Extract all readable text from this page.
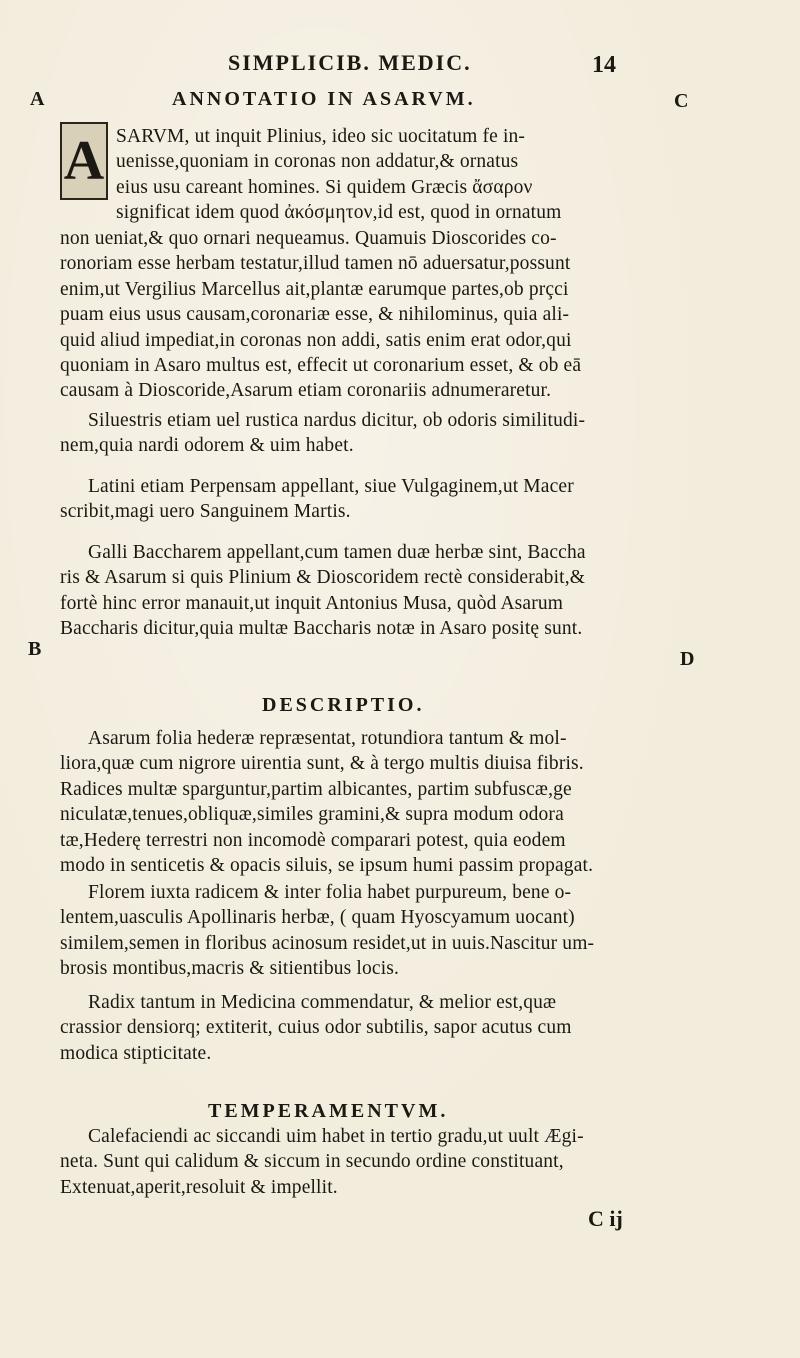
SIMPLICIB. MEDIC.	14
A	C
B	D
ANNOTATIO IN ASARVM.
A SARVM, ut inquit Plinius, ideo sic uocitatum fe in-
uenisse,quoniam in coronas non addatur,& ornatus
eius usu careant homines. Si quidem Græcis ἄσαρον
significat idem quod ἀκόσμητον,id est, quod in ornatum
non ueniat,& quo ornari nequeamus. Quamuis Dioscorides co-
ronoriam esse herbam testatur,illud tamen nō aduersatur,possunt
enim,ut Vergilius Marcellus ait,plantæ earumque partes,ob prçci
puam eius usus causam,coronariæ esse, & nihilominus, quia ali-
quid aliud impediat,in coronas non addi, satis enim erat odor,qui
quoniam in Asaro multus est, effecit ut coronarium esset, & ob eā
causam à Dioscoride,Asarum etiam coronariis adnumeraretur.
Siluestris etiam uel rustica nardus dicitur, ob odoris similitudi-
nem,quia nardi odorem & uim habet.
Latini etiam Perpensam appellant, siue Vulgaginem,ut Macer
scribit,magi uero Sanguinem Martis.
Galli Baccharem appellant,cum tamen duæ herbæ sint, Baccha
ris & Asarum si quis Plinium & Dioscoridem rectè considerabit,&
fortè hinc error manauit,ut inquit Antonius Musa, quòd Asarum
Baccharis dicitur,quia multæ Baccharis notæ in Asaro positę sunt.
DESCRIPTIO.
Asarum folia hederæ repræsentat, rotundiora tantum & mol-
liora,quæ cum nigrore uirentia sunt, & à tergo multis diuisa fibris.
Radices multæ sparguntur,partim albicantes, partim subfuscæ,ge
niculatæ,tenues,obliquæ,similes gramini,& supra modum odora
tæ,Hederę terrestri non incomodè comparari potest, quia eodem
modo in senticetis & opacis siluis, se ipsum humi passim propagat.
Florem iuxta radicem & inter folia habet purpureum, bene o-
lentem,uasculis Apollinaris herbæ, ( quam Hyoscyamum uocant)
similem,semen in floribus acinosum residet,ut in uuis.Nascitur um-
brosis montibus,macris & sitientibus locis.
Radix tantum in Medicina commendatur, & melior est,quæ
crassior densiorq; extiterit, cuius odor subtilis, sapor acutus cum
modica stipticitate.
TEMPERAMENTVM.
Calefaciendi ac siccandi uim habet in tertio gradu,ut uult Ægi-
neta. Sunt qui calidum & siccum in secundo ordine constituant,
Extenuat,aperit,resoluit & impellit.
C ij
